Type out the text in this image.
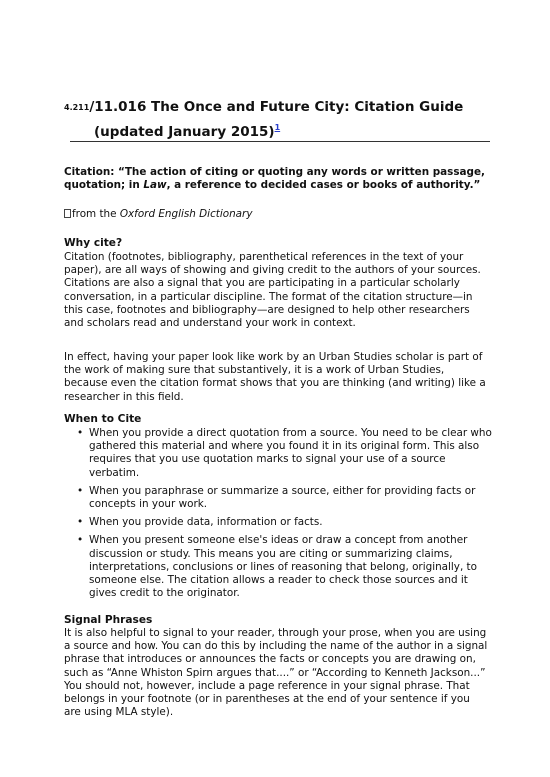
4.211/11.016 The Once and Future City: Citation Guide
(updated January 2015)$^1$
Citation: “The action of citing or quoting any words or written passage, quotation; in Law, a reference to decided cases or books of authority.”
from the Oxford English Dictionary
Why cite?
Citation (footnotes, bibliography, parenthetical references in the text of your paper), are all ways of showing and giving credit to the authors of your sources. Citations are also a signal that you are participating in a particular scholarly conversation, in a particular discipline. The format of the citation structure—in this case, footnotes and bibliography—are designed to help other researchers and scholars read and understand your work in context.
In effect, having your paper look like work by an Urban Studies scholar is part of the work of making sure that substantively, it is a work of Urban Studies, because even the citation format shows that you are thinking (and writing) like a researcher in this field.
When to Cite
• When you provide a direct quotation from a source. You need to be clear who gathered this material and where you found it in its original form. This also requires that you use quotation marks to signal your use of a source verbatim.
• When you paraphrase or summarize a source, either for providing facts or concepts in your work.
• When you provide data, information or facts.
• When you present someone else's ideas or draw a concept from another discussion or study. This means you are citing or summarizing claims, interpretations, conclusions or lines of reasoning that belong, originally, to someone else. The citation allows a reader to check those sources and it gives credit to the originator.
Signal Phrases
It is also helpful to signal to your reader, through your prose, when you are using a source and how. You can do this by including the name of the author in a signal phrase that introduces or announces the facts or concepts you are drawing on, such as “Anne Whiston Spirn argues that....” or “According to Kenneth Jackson...” You should not, however, include a page reference in your signal phrase. That belongs in your footnote (or in parentheses at the end of your sentence if you are using MLA style).
